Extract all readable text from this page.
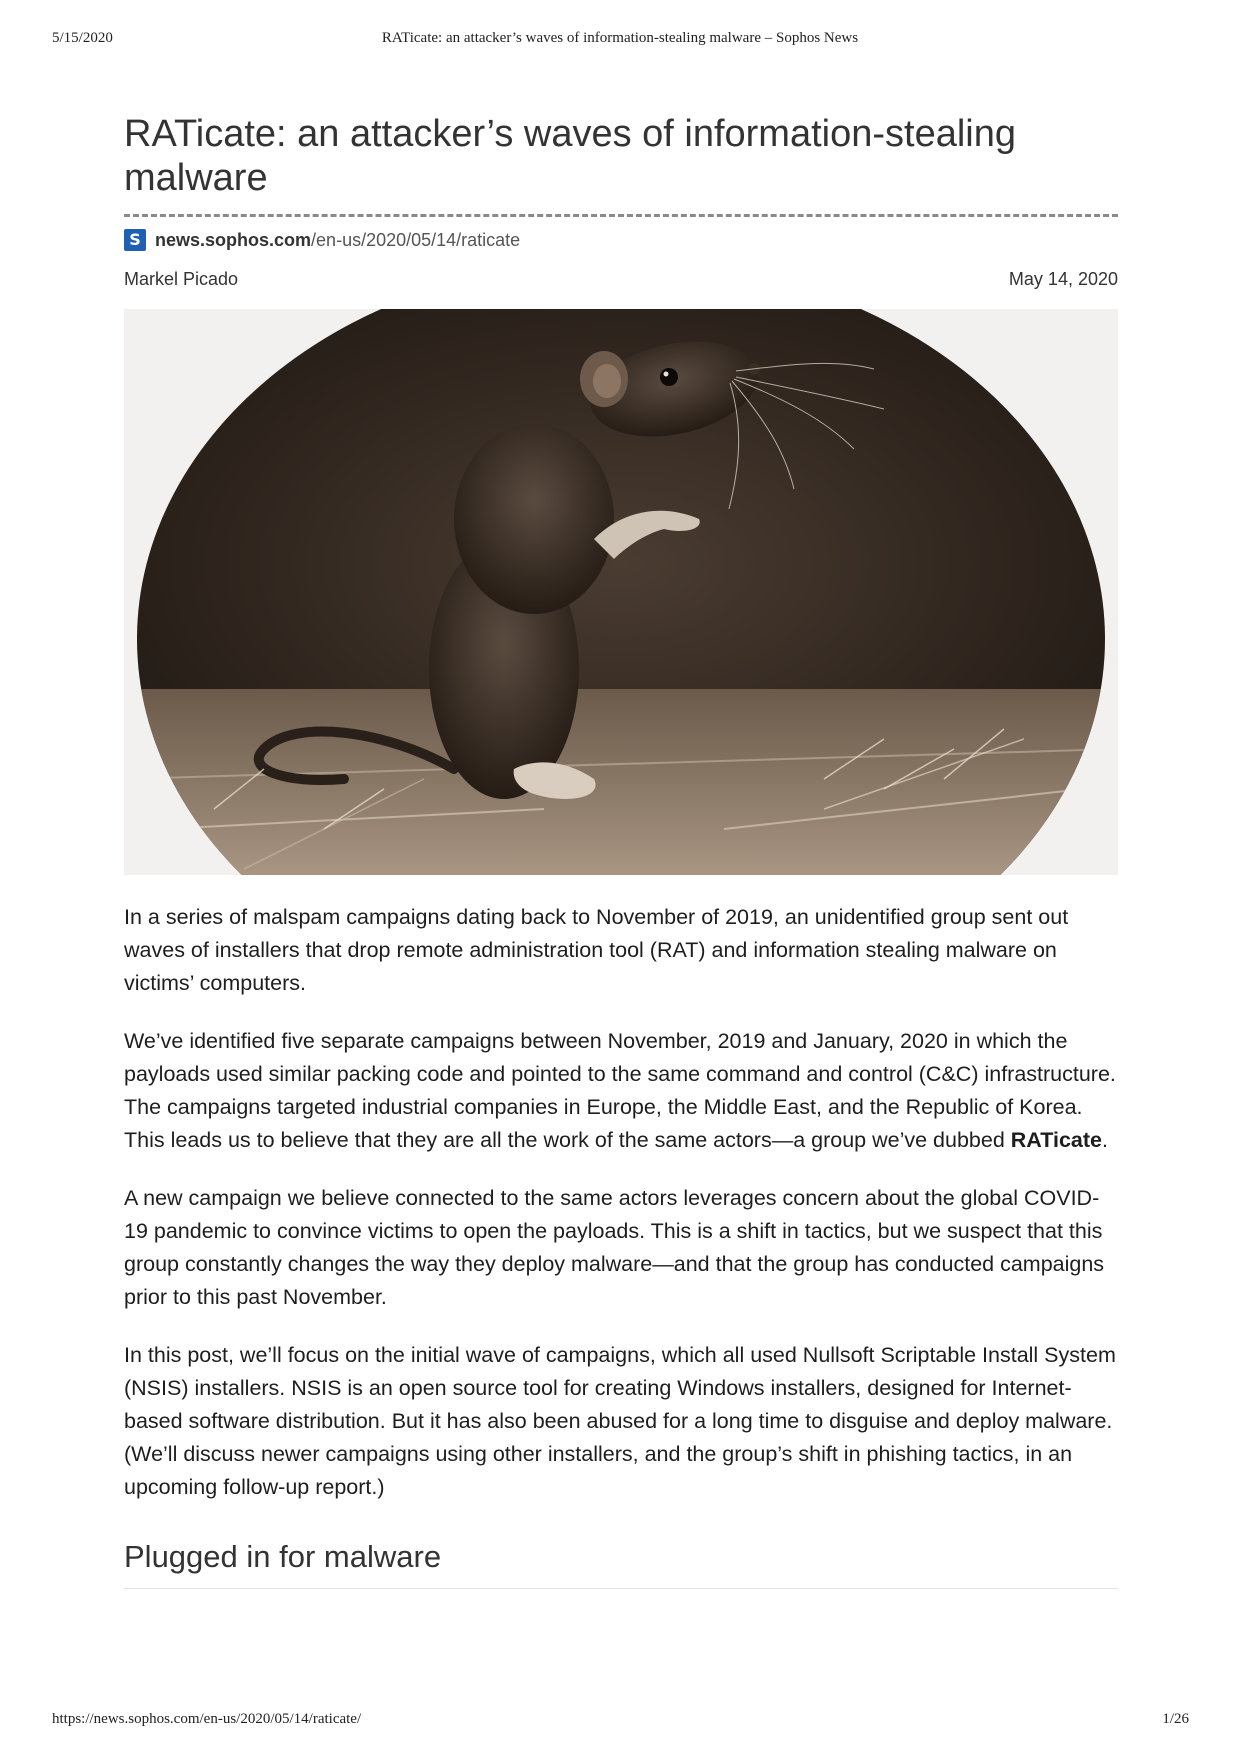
5/15/2020	RATicate: an attacker’s waves of information-stealing malware – Sophos News
RATicate: an attacker’s waves of information-stealing malware
S news.sophos.com /en-us/2020/05/14/raticate
Markel Picado	May 14, 2020

In a series of malspam campaigns dating back to November of 2019, an unidentified group sent out waves of installers that drop remote administration tool (RAT) and information stealing malware on victims’ computers.

We’ve identified five separate campaigns between November, 2019 and January, 2020 in which the payloads used similar packing code and pointed to the same command and control (C&C) infrastructure. The campaigns targeted industrial companies in Europe, the Middle East, and the Republic of Korea. This leads us to believe that they are all the work of the same actors—a group we’ve dubbed RATicate.

A new campaign we believe connected to the same actors leverages concern about the global COVID-19 pandemic to convince victims to open the payloads. This is a shift in tactics, but we suspect that this group constantly changes the way they deploy malware—and that the group has conducted campaigns prior to this past November.

In this post, we’ll focus on the initial wave of campaigns, which all used Nullsoft Scriptable Install System (NSIS) installers. NSIS is an open source tool for creating Windows installers, designed for Internet-based software distribution. But it has also been abused for a long time to disguise and deploy malware. (We’ll discuss newer campaigns using other installers, and the group’s shift in phishing tactics, in an upcoming follow-up report.)

Plugged in for malware
https://news.sophos.com/en-us/2020/05/14/raticate/	1/26
